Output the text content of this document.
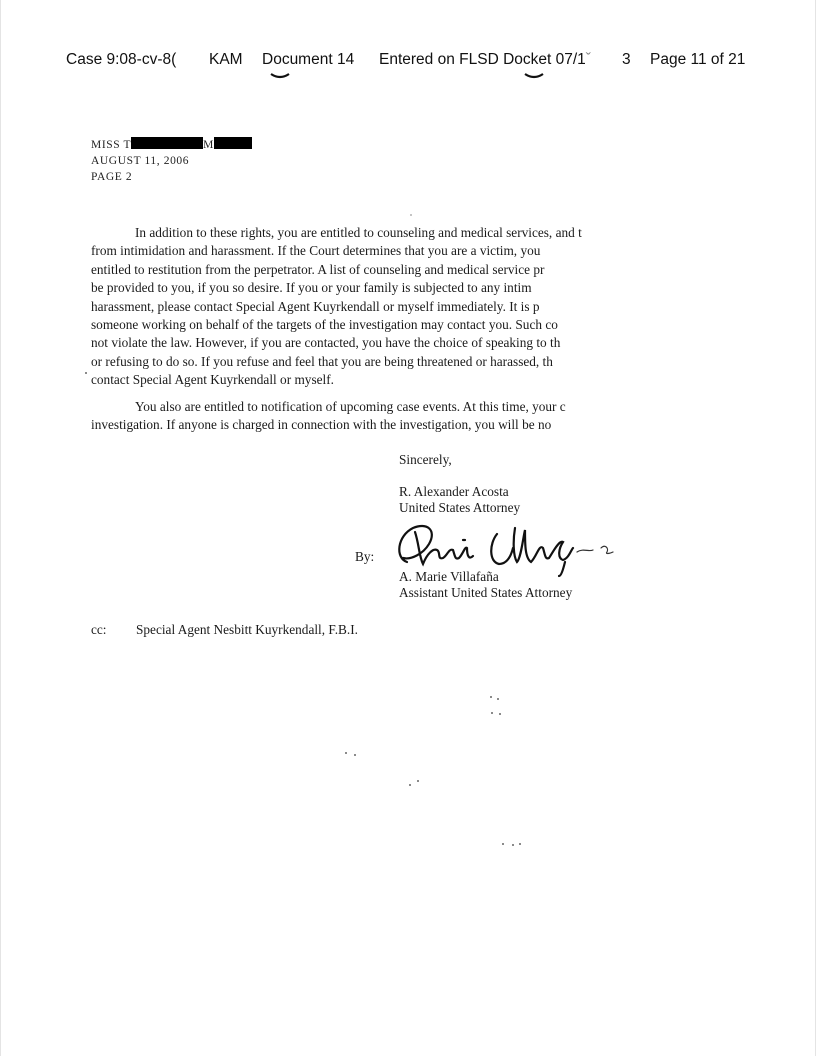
Case 9:08-cv-8( KAM Document 14 Entered on FLSD Docket 07/1ˇ 3 Page 11 of 21
MISS T	M
AUGUST 11, 2006
PAGE 2
In addition to these rights, you are entitled to counseling and medical services, and t
from intimidation and harassment. If the Court determines that you are a victim, you
entitled to restitution from the perpetrator. A list of counseling and medical service pr
be provided to you, if you so desire. If you or your family is subjected to any intim
harassment, please contact Special Agent Kuyrkendall or myself immediately. It is p
someone working on behalf of the targets of the investigation may contact you. Such co
not violate the law. However, if you are contacted, you have the choice of speaking to th
or refusing to do so. If you refuse and feel that you are being threatened or harassed, th
contact Special Agent Kuyrkendall or myself.
You also are entitled to notification of upcoming case events. At this time, your c
investigation. If anyone is charged in connection with the investigation, you will be no
Sincerely,
R. Alexander Acosta
United States Attorney
By:
A. Marie Villafaña
Assistant United States Attorney
cc: Special Agent Nesbitt Kuyrkendall, F.B.I.
